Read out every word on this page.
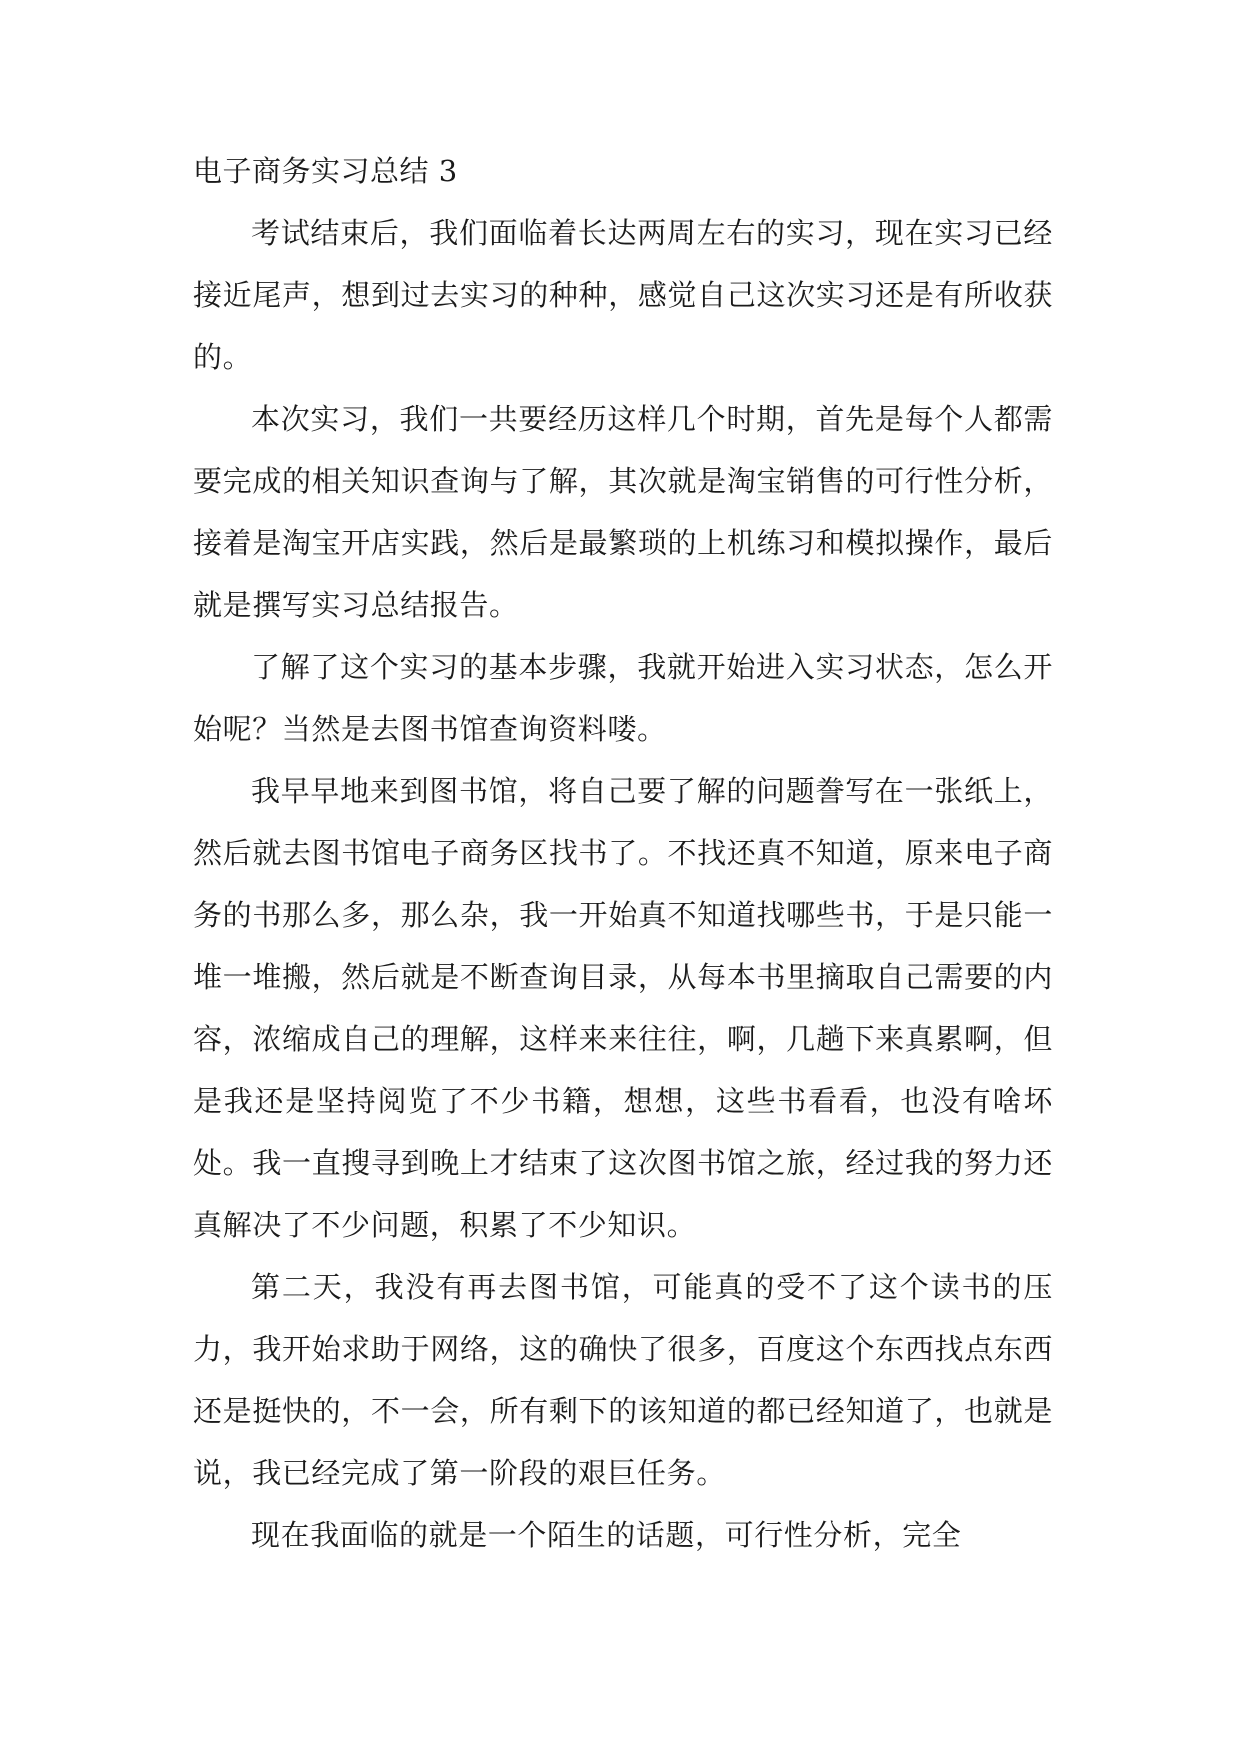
电子商务实习总结 3

考试结束后，我们面临着长达两周左右的实习，现在实习已经接近尾声，想到过去实习的种种，感觉自己这次实习还是有所收获的。

本次实习，我们一共要经历这样几个时期，首先是每个人都需要完成的相关知识查询与了解，其次就是淘宝销售的可行性分析，接着是淘宝开店实践，然后是最繁琐的上机练习和模拟操作，最后就是撰写实习总结报告。

了解了这个实习的基本步骤，我就开始进入实习状态，怎么开始呢？当然是去图书馆查询资料喽。

我早早地来到图书馆，将自己要了解的问题誊写在一张纸上，然后就去图书馆电子商务区找书了。不找还真不知道，原来电子商务的书那么多，那么杂，我一开始真不知道找哪些书，于是只能一堆一堆搬，然后就是不断查询目录，从每本书里摘取自己需要的内容，浓缩成自己的理解，这样来来往往，啊，几趟下来真累啊，但是我还是坚持阅览了不少书籍，想想，这些书看看，也没有啥坏处。我一直搜寻到晚上才结束了这次图书馆之旅，经过我的努力还真解决了不少问题，积累了不少知识。

第二天，我没有再去图书馆，可能真的受不了这个读书的压力，我开始求助于网络，这的确快了很多，百度这个东西找点东西还是挺快的，不一会，所有剩下的该知道的都已经知道了，也就是说，我已经完成了第一阶段的艰巨任务。

现在我面临的就是一个陌生的话题，可行性分析，完全
